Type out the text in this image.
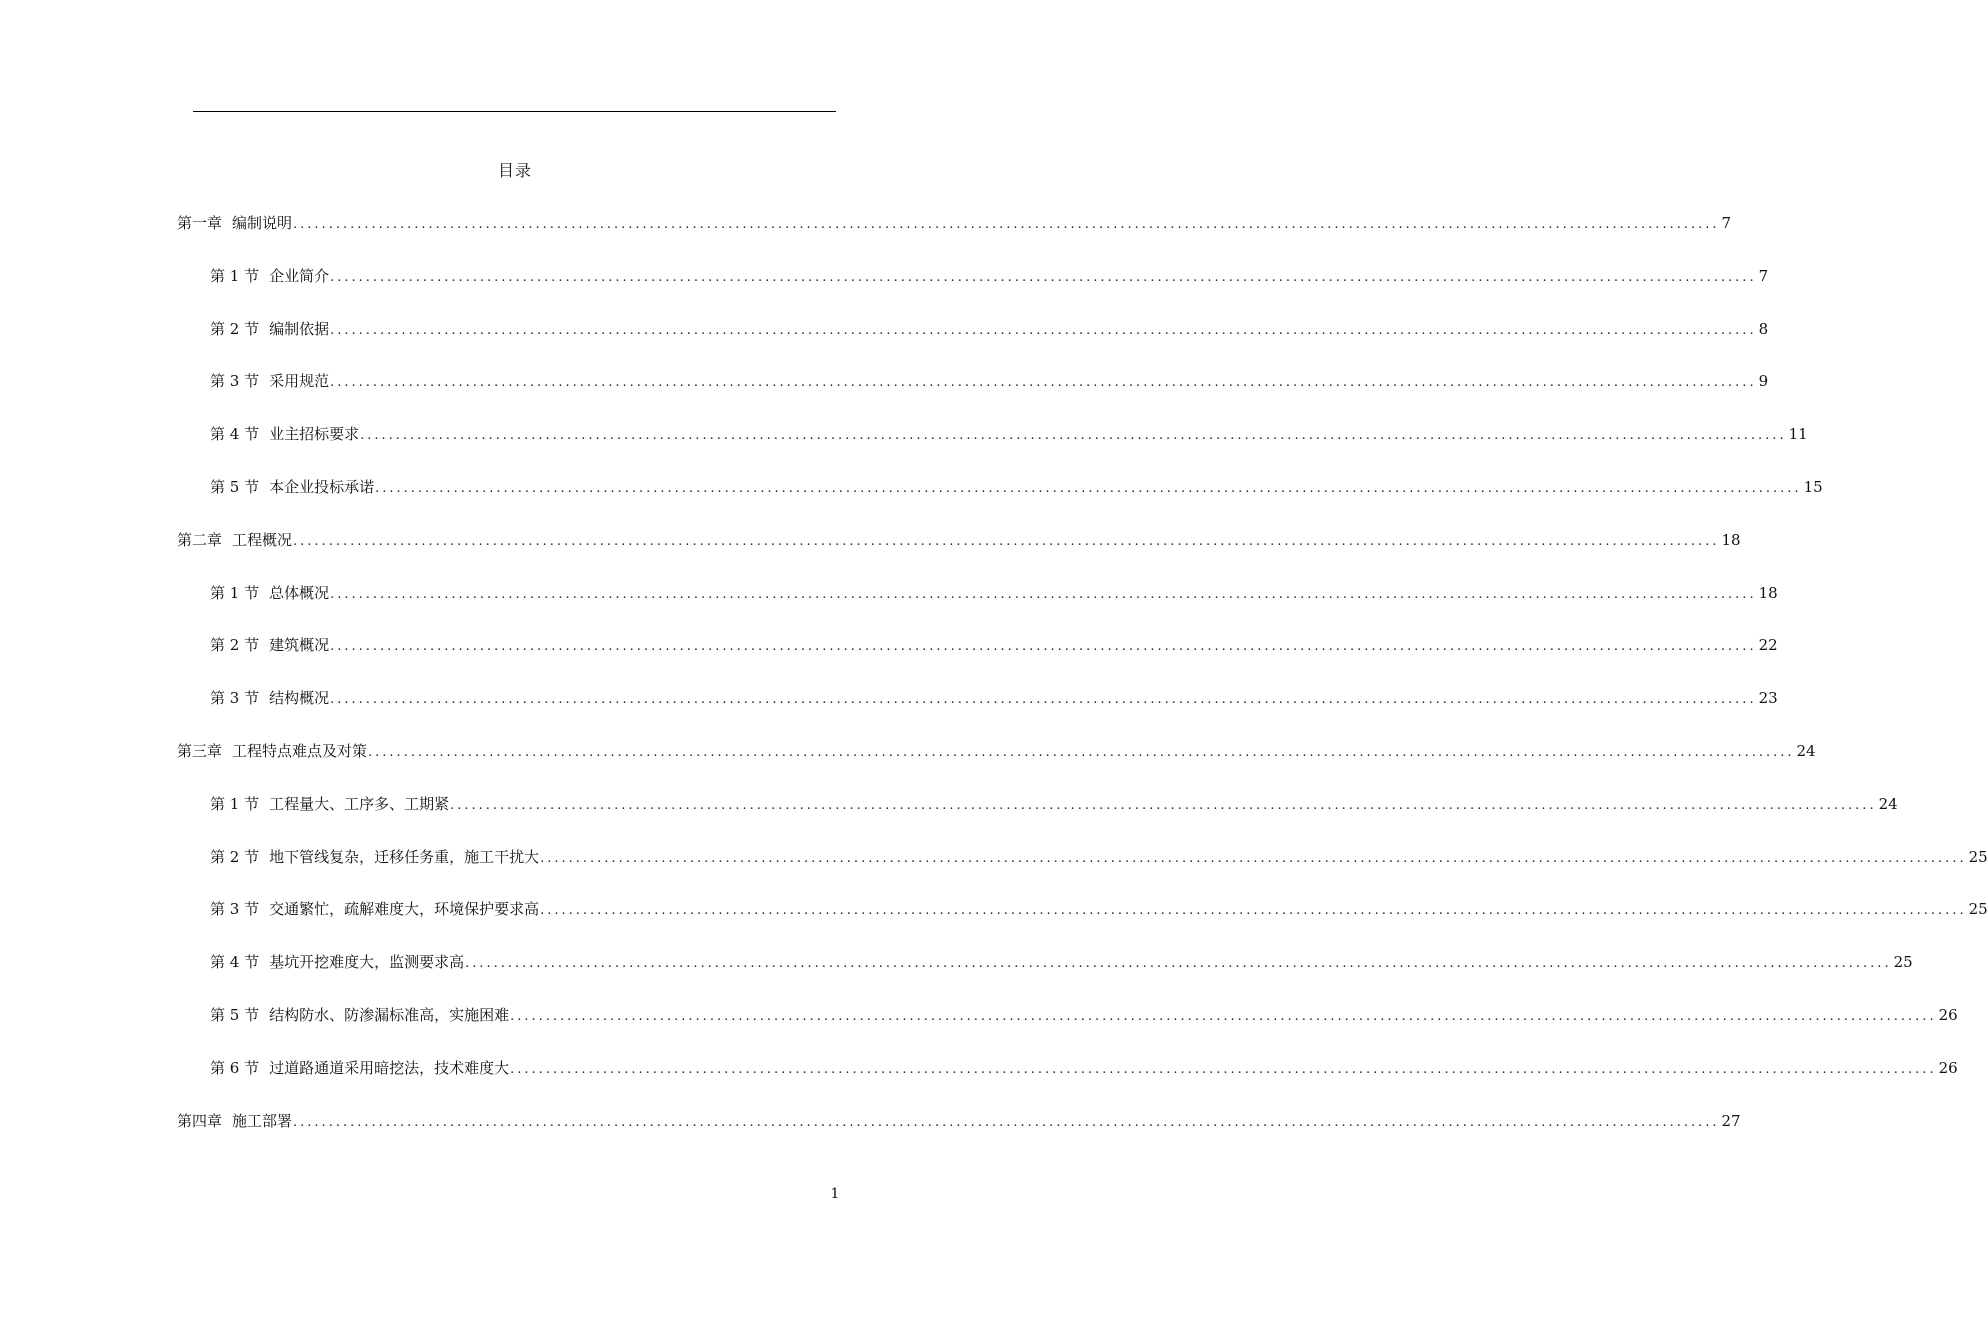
目录
第一章 编制说明 ........................................................................................................................................................................................................ 7
第 1 节 企业简介 ........................................................................................................................................................................................................ 7
第 2 节 编制依据 ........................................................................................................................................................................................................ 8
第 3 节 采用规范 ........................................................................................................................................................................................................ 9
第 4 节 业主招标要求 ........................................................................................................................................................................................................ 11
第 5 节 本企业投标承诺 ........................................................................................................................................................................................................ 15
第二章 工程概况 ........................................................................................................................................................................................................ 18
第 1 节 总体概况 ........................................................................................................................................................................................................ 18
第 2 节 建筑概况 ........................................................................................................................................................................................................ 22
第 3 节 结构概况 ........................................................................................................................................................................................................ 23
第三章 工程特点难点及对策 ........................................................................................................................................................................................................ 24
第 1 节 工程量大、工序多、工期紧 ........................................................................................................................................................................................................ 24
第 2 节 地下管线复杂，迁移任务重，施工干扰大 ........................................................................................................................................................................................................ 25
第 3 节 交通繁忙，疏解难度大，环境保护要求高 ........................................................................................................................................................................................................ 25
第 4 节 基坑开挖难度大，监测要求高 ........................................................................................................................................................................................................ 25
第 5 节 结构防水、防渗漏标准高，实施困难 ........................................................................................................................................................................................................ 26
第 6 节 过道路通道采用暗挖法，技术难度大 ........................................................................................................................................................................................................ 26
第四章 施工部署 ........................................................................................................................................................................................................ 27
1
